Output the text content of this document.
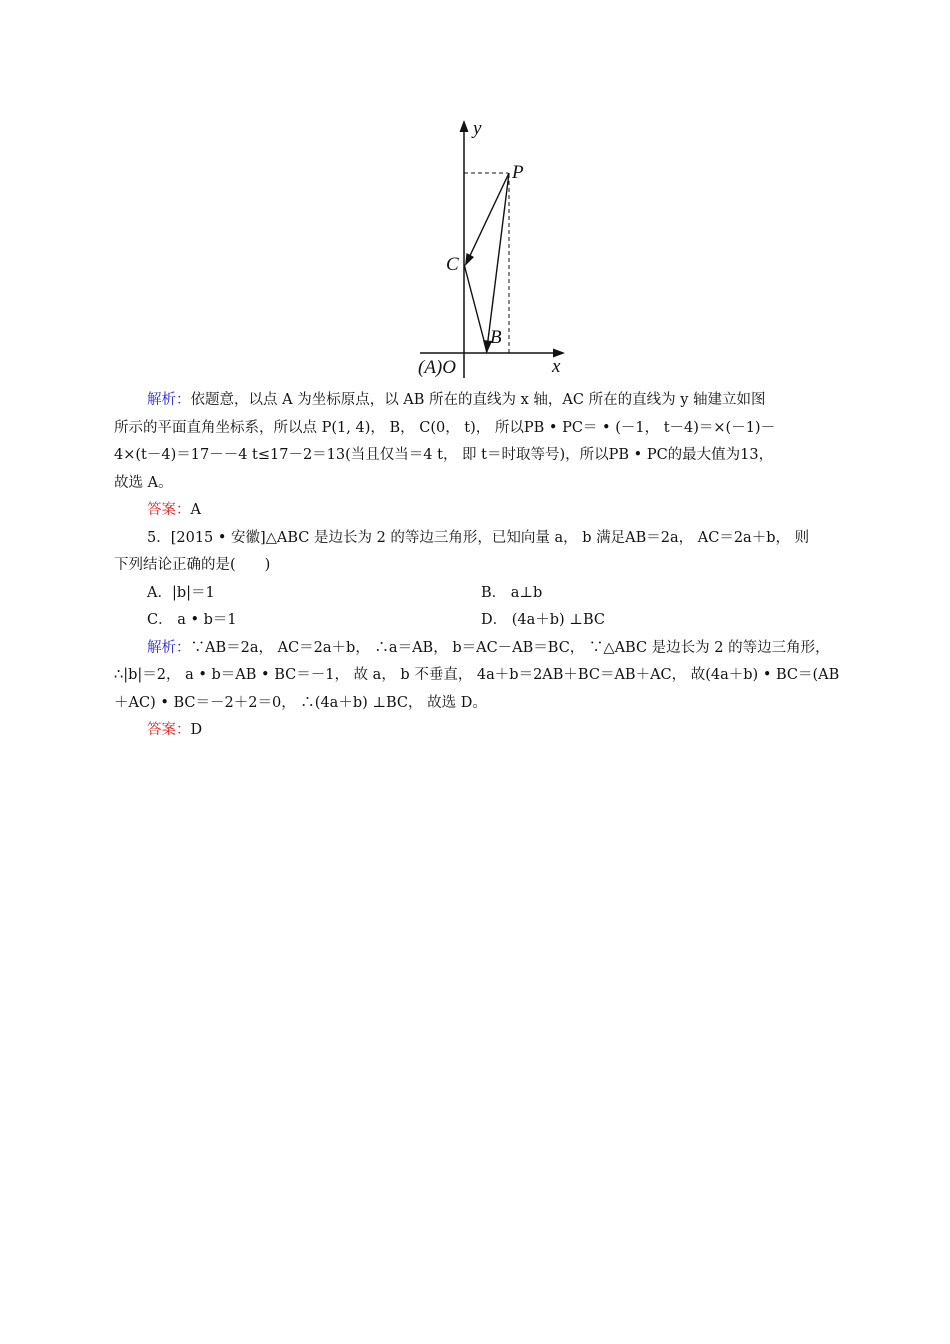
y
P
C
B
(A)O	x
解析：依题意，以点 A 为坐标原点，以 AB 所在的直线为 x 轴，AC 所在的直线为 y 轴建立如图
所示的平面直角坐标系，所以点 P(1, 4)， B， C(0， t)， 所以PB • PC＝ • (－1， t－4)＝×(－1)－
4×(t－4)＝17－－4 t≤17－2＝13(当且仅当＝4 t， 即 t＝时取等号)，所以PB • PC的最大值为13，
故选 A。
答案：A
5．[2015 • 安徽]△ABC 是边长为 2 的等边三角形，已知向量 a， b 满足AB＝2a， AC＝2a＋b， 则
下列结论正确的是(　　)
A．|b|＝1	B． a⊥b
C． a • b＝1	D． (4a＋b) ⊥BC
解析：∵AB＝2a， AC＝2a＋b， ∴a＝AB， b＝AC－AB＝BC， ∵△ABC 是边长为 2 的等边三角形，
∴|b|＝2， a • b＝AB • BC＝－1， 故 a， b 不垂直， 4a＋b＝2AB＋BC＝AB＋AC， 故(4a＋b) • BC＝(AB
＋AC) • BC＝－2＋2＝0， ∴(4a＋b) ⊥BC， 故选 D。
答案：D
